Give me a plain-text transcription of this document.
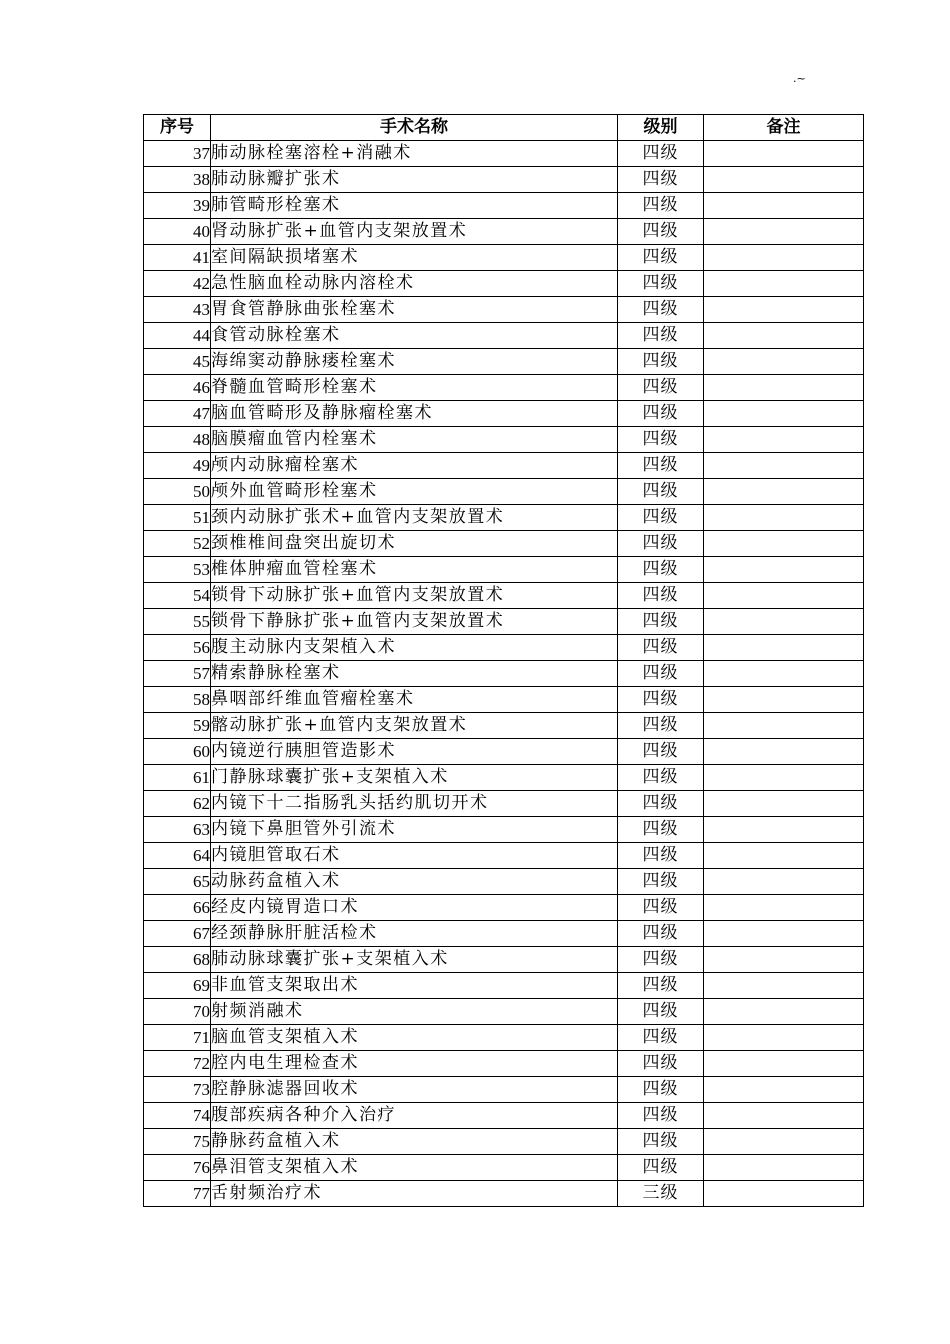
.~
序号	手术名称	级别	备注
37	肺动脉栓塞溶栓+消融术	四级	
38	肺动脉瓣扩张术	四级	
39	肺管畸形栓塞术	四级	
40	肾动脉扩张+血管内支架放置术	四级	
41	室间隔缺损堵塞术	四级	
42	急性脑血栓动脉内溶栓术	四级	
43	胃食管静脉曲张栓塞术	四级	
44	食管动脉栓塞术	四级	
45	海绵窦动静脉瘘栓塞术	四级	
46	脊髓血管畸形栓塞术	四级	
47	脑血管畸形及静脉瘤栓塞术	四级	
48	脑膜瘤血管内栓塞术	四级	
49	颅内动脉瘤栓塞术	四级	
50	颅外血管畸形栓塞术	四级	
51	颈内动脉扩张术+血管内支架放置术	四级	
52	颈椎椎间盘突出旋切术	四级	
53	椎体肿瘤血管栓塞术	四级	
54	锁骨下动脉扩张+血管内支架放置术	四级	
55	锁骨下静脉扩张+血管内支架放置术	四级	
56	腹主动脉内支架植入术	四级	
57	精索静脉栓塞术	四级	
58	鼻咽部纤维血管瘤栓塞术	四级	
59	髂动脉扩张+血管内支架放置术	四级	
60	内镜逆行胰胆管造影术	四级	
61	门静脉球囊扩张+支架植入术	四级	
62	内镜下十二指肠乳头括约肌切开术	四级	
63	内镜下鼻胆管外引流术	四级	
64	内镜胆管取石术	四级	
65	动脉药盒植入术	四级	
66	经皮内镜胃造口术	四级	
67	经颈静脉肝脏活检术	四级	
68	肺动脉球囊扩张+支架植入术	四级	
69	非血管支架取出术	四级	
70	射频消融术	四级	
71	脑血管支架植入术	四级	
72	腔内电生理检查术	四级	
73	腔静脉滤器回收术	四级	
74	腹部疾病各种介入治疗	四级	
75	静脉药盒植入术	四级	
76	鼻泪管支架植入术	四级	
77	舌射频治疗术	三级	
